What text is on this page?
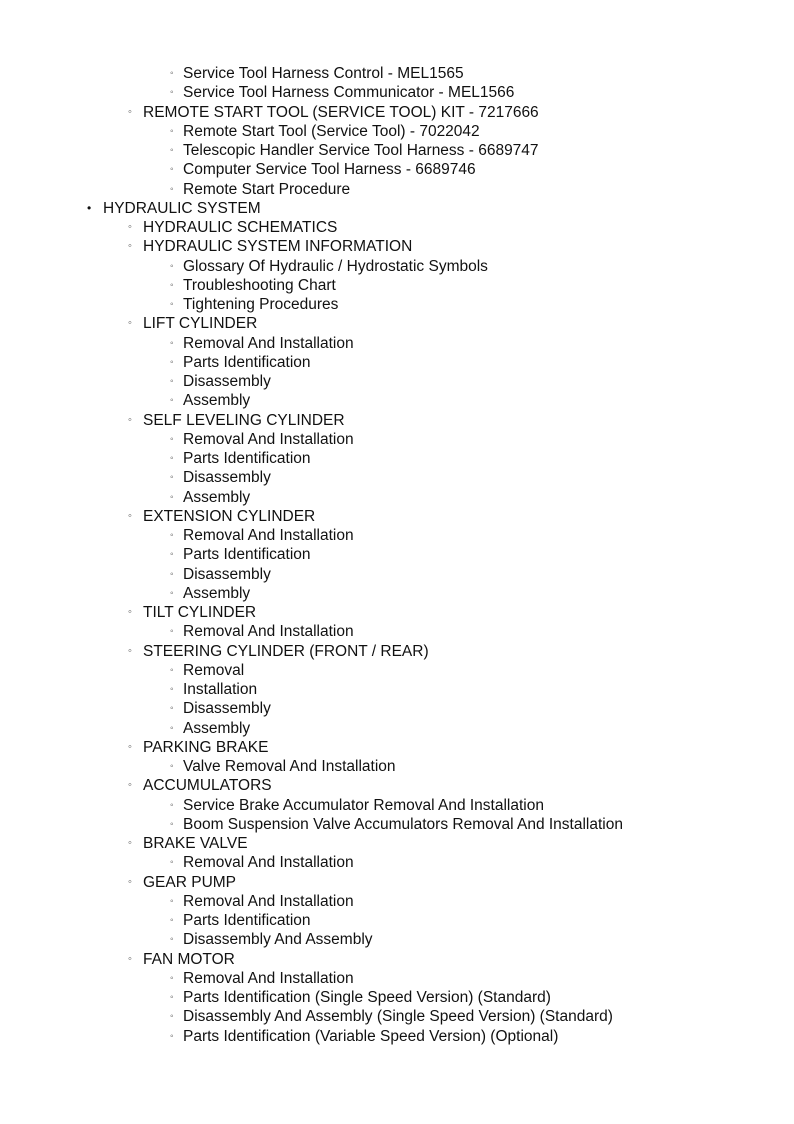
◦ Service Tool Harness Control - MEL1565
◦ Service Tool Harness Communicator - MEL1566
◦ REMOTE START TOOL (SERVICE TOOL) KIT - 7217666
◦ Remote Start Tool (Service Tool) - 7022042
◦ Telescopic Handler Service Tool Harness - 6689747
◦ Computer Service Tool Harness - 6689746
◦ Remote Start Procedure
• HYDRAULIC SYSTEM
◦ HYDRAULIC SCHEMATICS
◦ HYDRAULIC SYSTEM INFORMATION
◦ Glossary Of Hydraulic / Hydrostatic Symbols
◦ Troubleshooting Chart
◦ Tightening Procedures
◦ LIFT CYLINDER
◦ Removal And Installation
◦ Parts Identification
◦ Disassembly
◦ Assembly
◦ SELF LEVELING CYLINDER
◦ Removal And Installation
◦ Parts Identification
◦ Disassembly
◦ Assembly
◦ EXTENSION CYLINDER
◦ Removal And Installation
◦ Parts Identification
◦ Disassembly
◦ Assembly
◦ TILT CYLINDER
◦ Removal And Installation
◦ STEERING CYLINDER (FRONT / REAR)
◦ Removal
◦ Installation
◦ Disassembly
◦ Assembly
◦ PARKING BRAKE
◦ Valve Removal And Installation
◦ ACCUMULATORS
◦ Service Brake Accumulator Removal And Installation
◦ Boom Suspension Valve Accumulators Removal And Installation
◦ BRAKE VALVE
◦ Removal And Installation
◦ GEAR PUMP
◦ Removal And Installation
◦ Parts Identification
◦ Disassembly And Assembly
◦ FAN MOTOR
◦ Removal And Installation
◦ Parts Identification (Single Speed Version) (Standard)
◦ Disassembly And Assembly (Single Speed Version) (Standard)
◦ Parts Identification (Variable Speed Version) (Optional)
